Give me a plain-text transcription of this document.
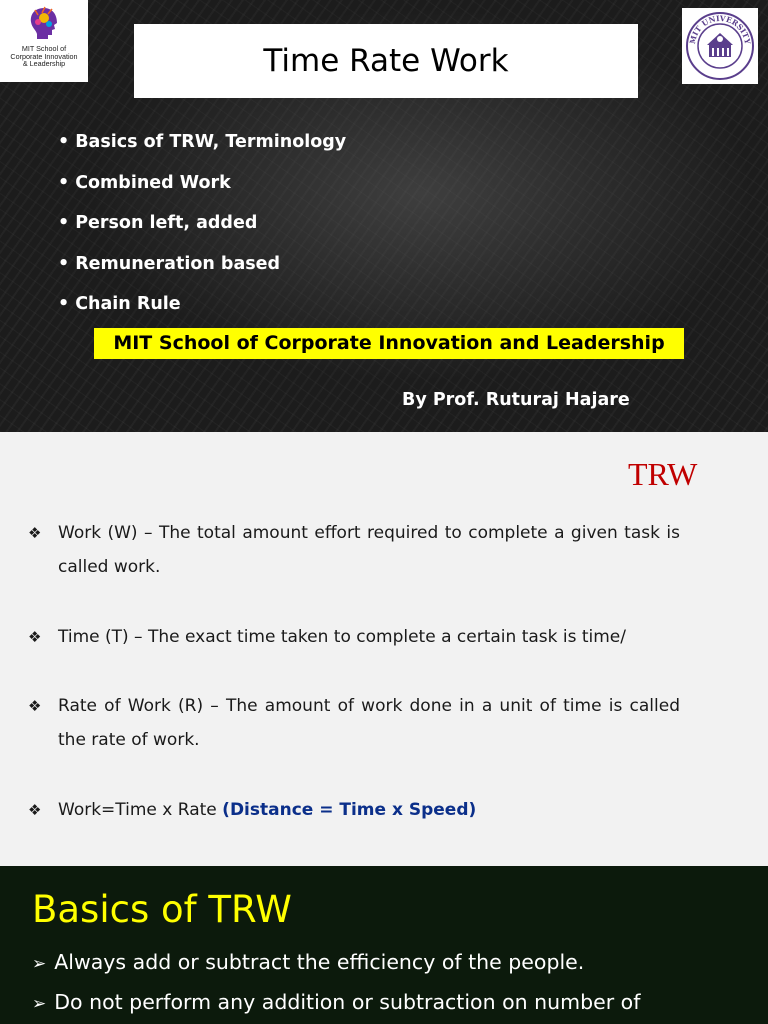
MIT School of
Corporate Innovation
& Leadership
MIT UNIVERSITY
Time Rate Work
• Basics of TRW, Terminology
• Combined Work
• Person left, added
• Remuneration based
• Chain Rule
MIT School of Corporate Innovation and Leadership
By Prof. Ruturaj Hajare
TRW
❖ Work (W) – The total amount effort required to complete a given task is called work.
❖ Time (T) – The exact time taken to complete a certain task is time/
❖ Rate of Work (R) – The amount of work done in a unit of time is called the rate of work.
❖ Work=Time x Rate (Distance = Time x Speed)
Basics of TRW
➢ Always add or subtract the efficiency of the people.
➢ Do not perform any addition or subtraction on number of
